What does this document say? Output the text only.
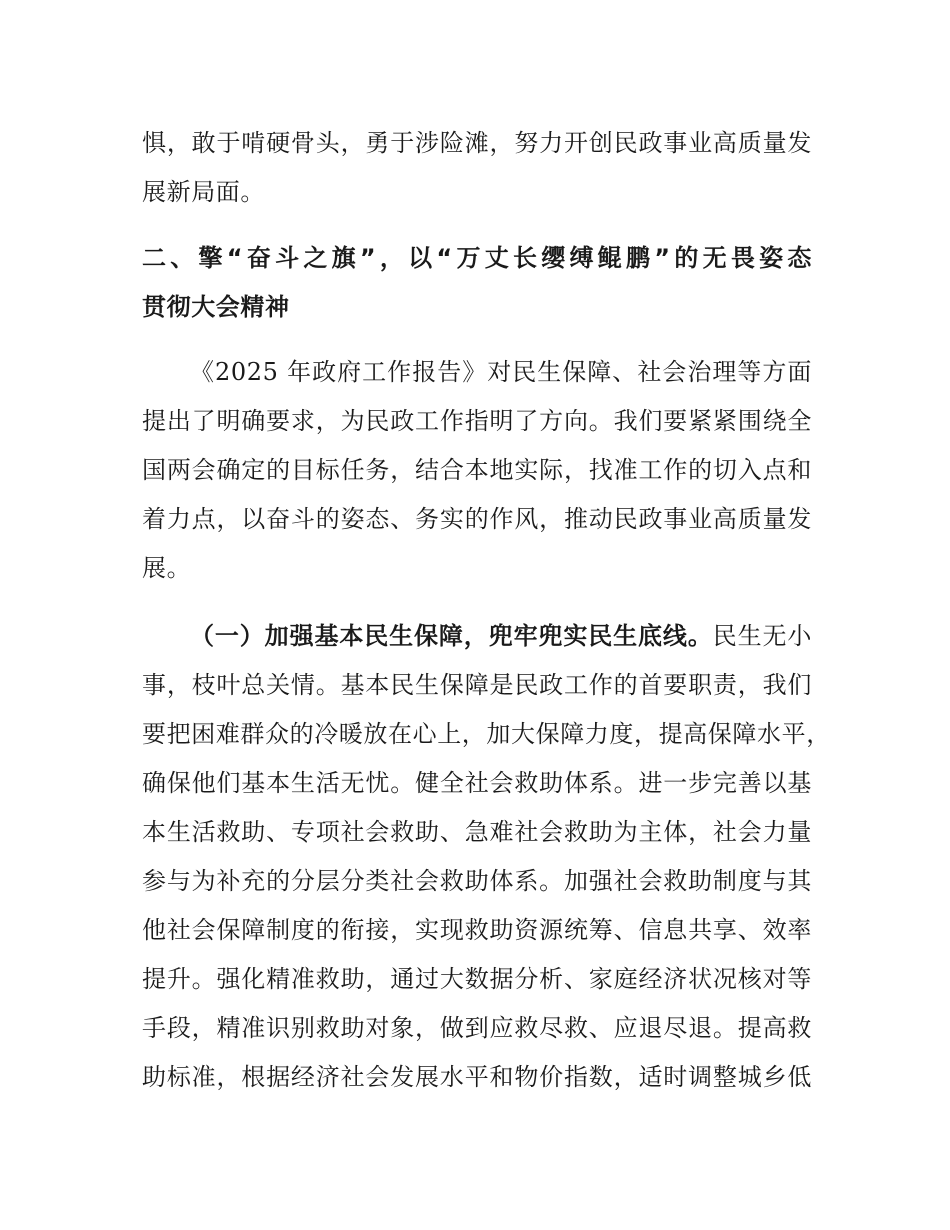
惧，敢于啃硬骨头，勇于涉险滩，努力开创民政事业高质量发
展新局面。
二、擎“奋斗之旗”，以“万丈长缨缚鲲鹏”的无畏姿态
贯彻大会精神
《2025 年政府工作报告》对民生保障、社会治理等方面
提出了明确要求，为民政工作指明了方向。我们要紧紧围绕全
国两会确定的目标任务，结合本地实际，找准工作的切入点和
着力点，以奋斗的姿态、务实的作风，推动民政事业高质量发
展。
（一）加强基本民生保障，兜牢兜实民生底线。民生无小
事，枝叶总关情。基本民生保障是民政工作的首要职责，我们
要把困难群众的冷暖放在心上，加大保障力度，提高保障水平，
确保他们基本生活无忧。健全社会救助体系。进一步完善以基
本生活救助、专项社会救助、急难社会救助为主体，社会力量
参与为补充的分层分类社会救助体系。加强社会救助制度与其
他社会保障制度的衔接，实现救助资源统筹、信息共享、效率
提升。强化精准救助，通过大数据分析、家庭经济状况核对等
手段，精准识别救助对象，做到应救尽救、应退尽退。提高救
助标准，根据经济社会发展水平和物价指数，适时调整城乡低
